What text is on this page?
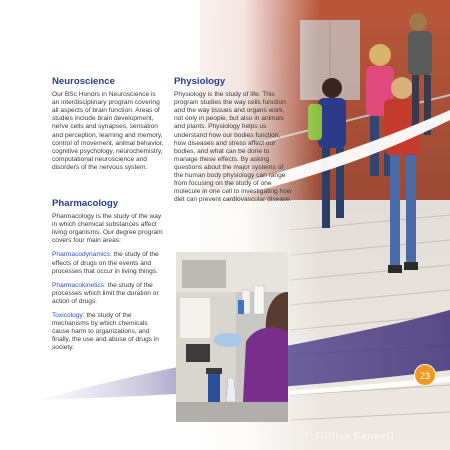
Neuroscience

Our BSc Honors in Neuroscience is an interdisciplinary program covering all aspects of brain function. Areas of studies include brain development, nerve cells and synapses, sensation and perception, learning and memory, control of movement, animal behavior, cognitive psychology, neurochemistry, computational neuroscience and disorders of the nervous system.

Physiology

Physiology is the study of life. This program studies the way cells function and the way tissues and organs work, not only in people, but also in animals and plants. Physiology helps us understand how our bodies function, how diseases and stress affect our bodies, and what can be done to manage these effects. By asking questions about the major systems of the human body physiology can range from focusing on the study of one molecule in one cell to investigating how diet can prevent cardiovascular disease.

Pharmacology

Pharmacology is the study of the way in which chemical substances affect living organisms. Our degree program covers four main areas:

Pharmacodynamics: the study of the effects of drugs on the events and processes that occur in living things.

Pharmacokinetics: the study of the processes which limit the duration or action of drugs.

Toxicology: the study of the mechanisms by which chemicals cause harm to organizations, and finally, the use and abuse of drugs in society.

23
© Gillian Kenwell
